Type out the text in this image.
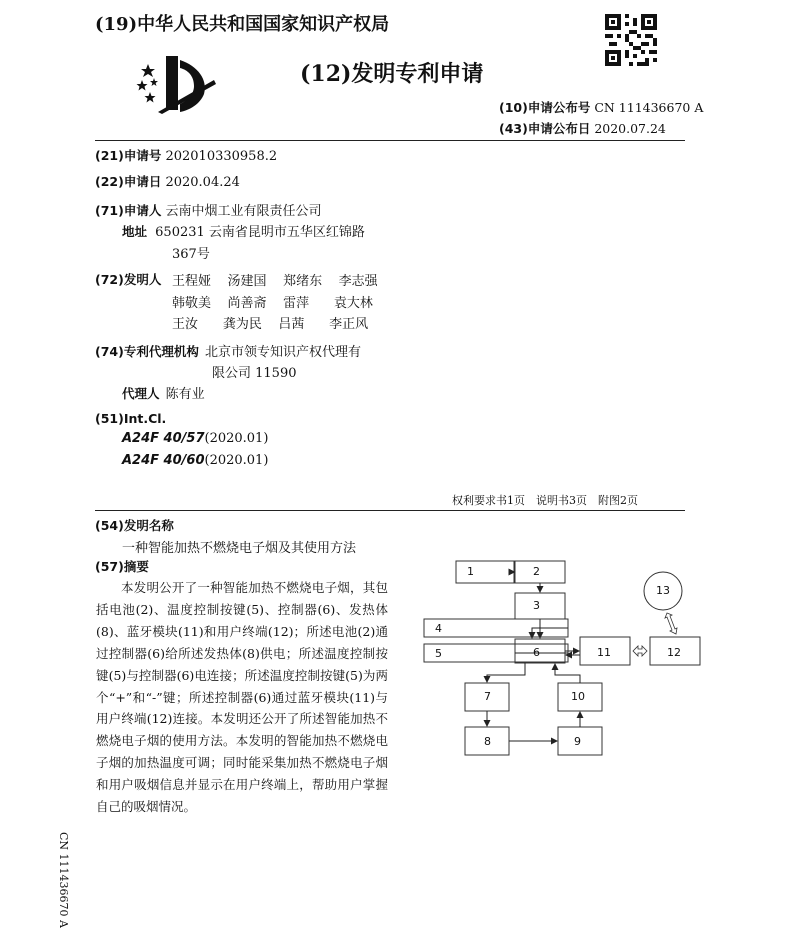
(19)中华人民共和国国家知识产权局
(12)发明专利申请
(10)申请公布号 CN 111436670 A
(43)申请公布日 2020.07.24
(21)申请号 202010330958.2
(22)申请日 2020.04.24
(71)申请人 云南中烟工业有限责任公司
地址 650231 云南省昆明市五华区红锦路
367号
(72)发明人 王程娅 汤建国 郑绪东 李志强
韩敬美 尚善斋 雷萍 袁大林
王汝 龚为民 吕茜 李正风
(74)专利代理机构 北京市领专知识产权代理有
限公司 11590
代理人 陈有业
(51)Int.Cl.
A24F 40/57(2020.01)
A24F 40/60(2020.01)
权利要求书1页　说明书3页　附图2页
(54)发明名称
一种智能加热不燃烧电子烟及其使用方法
(57)摘要

本发明公开了一种智能加热不燃烧电子烟，其包括电池(2)、温度控制按键(5)、控制器(6)、发热体(8)、蓝牙模块(11)和用户终端(12)；所述电池(2)通过控制器(6)给所述发热体(8)供电；所述温度控制按键(5)与控制器(6)电连接；所述温度控制按键(5)为两个“+”和“-”键；所述控制器(6)通过蓝牙模块(11)与用户终端(12)连接。本发明还公开了所述智能加热不燃烧电子烟的使用方法。本发明的智能加热不燃烧电子烟的加热温度可调；同时能采集加热不燃烧电子烟和用户吸烟信息并显示在用户终端上，帮助用户掌握自己的吸烟情况。

1	2
3
4
5	6
7
8	9
10
11	12
13
CN 111436670 A
